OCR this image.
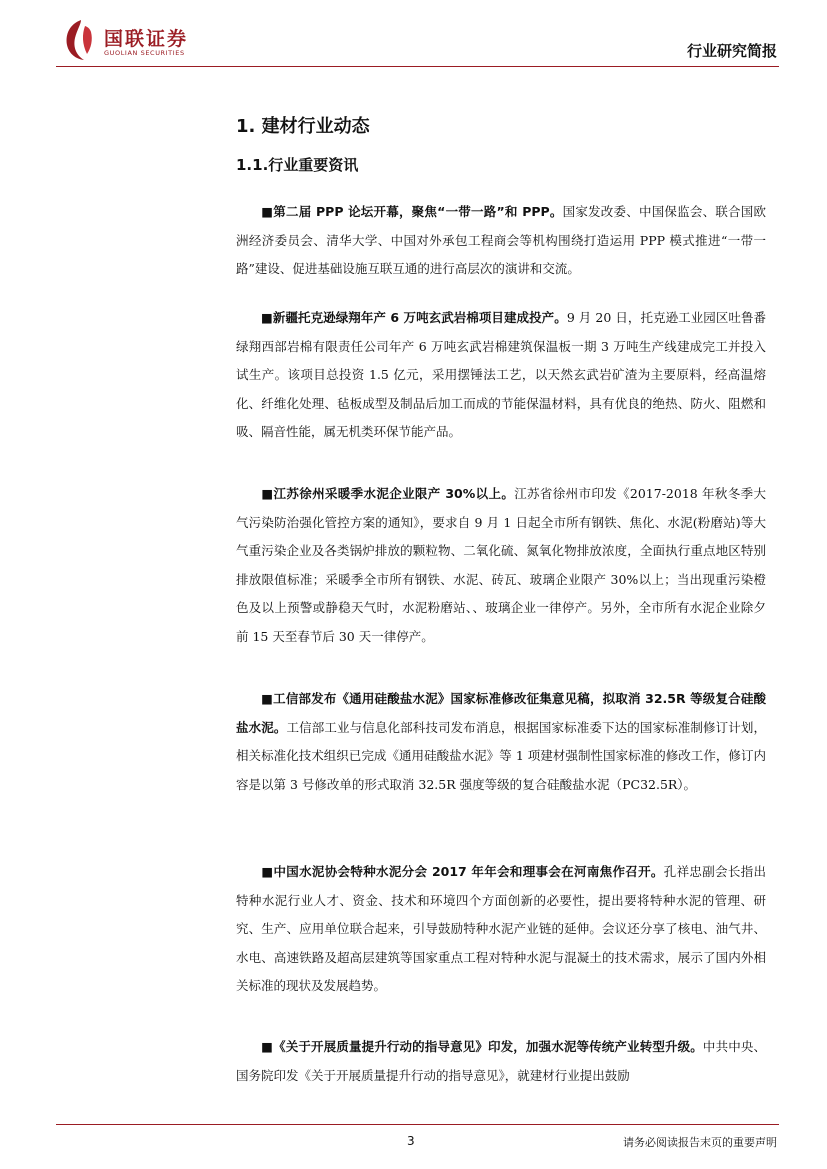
国联证券
GUOLIAN SECURITIES	行业研究简报
1. 建材行业动态
1.1.行业重要资讯
■第二届 PPP 论坛开幕，聚焦“一带一路”和 PPP。国家发改委、中国保监会、联合国欧洲经济委员会、清华大学、中国对外承包工程商会等机构围绕打造运用 PPP 模式推进“一带一路”建设、促进基础设施互联互通的进行高层次的演讲和交流。
■新疆托克逊绿翔年产 6 万吨玄武岩棉项目建成投产。9 月 20 日，托克逊工业园区吐鲁番绿翔西部岩棉有限责任公司年产 6 万吨玄武岩棉建筑保温板一期 3 万吨生产线建成完工并投入试生产。该项目总投资 1.5 亿元，采用摆锤法工艺，以天然玄武岩矿渣为主要原料，经高温熔化、纤维化处理、毡板成型及制品后加工而成的节能保温材料，具有优良的绝热、防火、阻燃和吸、隔音性能，属无机类环保节能产品。
■江苏徐州采暖季水泥企业限产 30%以上。江苏省徐州市印发《2017-2018 年秋冬季大气污染防治强化管控方案的通知》，要求自 9 月 1 日起全市所有钢铁、焦化、水泥(粉磨站)等大气重污染企业及各类锅炉排放的颗粒物、二氧化硫、氮氧化物排放浓度，全面执行重点地区特别排放限值标准；采暖季全市所有钢铁、水泥、砖瓦、玻璃企业限产 30%以上；当出现重污染橙色及以上预警或静稳天气时，水泥粉磨站、、玻璃企业一律停产。另外，全市所有水泥企业除夕前 15 天至春节后 30 天一律停产。
■工信部发布《通用硅酸盐水泥》国家标准修改征集意见稿，拟取消 32.5R 等级复合硅酸盐水泥。工信部工业与信息化部科技司发布消息，根据国家标准委下达的国家标准制修订计划，相关标准化技术组织已完成《通用硅酸盐水泥》等 1 项建材强制性国家标准的修改工作，修订内容是以第 3 号修改单的形式取消 32.5R 强度等级的复合硅酸盐水泥（PC32.5R）。
■中国水泥协会特种水泥分会 2017 年年会和理事会在河南焦作召开。孔祥忠副会长指出特种水泥行业人才、资金、技术和环境四个方面创新的必要性，提出要将特种水泥的管理、研究、生产、应用单位联合起来，引导鼓励特种水泥产业链的延伸。会议还分享了核电、油气井、水电、高速铁路及超高层建筑等国家重点工程对特种水泥与混凝土的技术需求，展示了国内外相关标准的现状及发展趋势。
■《关于开展质量提升行动的指导意见》印发，加强水泥等传统产业转型升级。中共中央、国务院印发《关于开展质量提升行动的指导意见》，就建材行业提出鼓励
3	请务必阅读报告末页的重要声明
